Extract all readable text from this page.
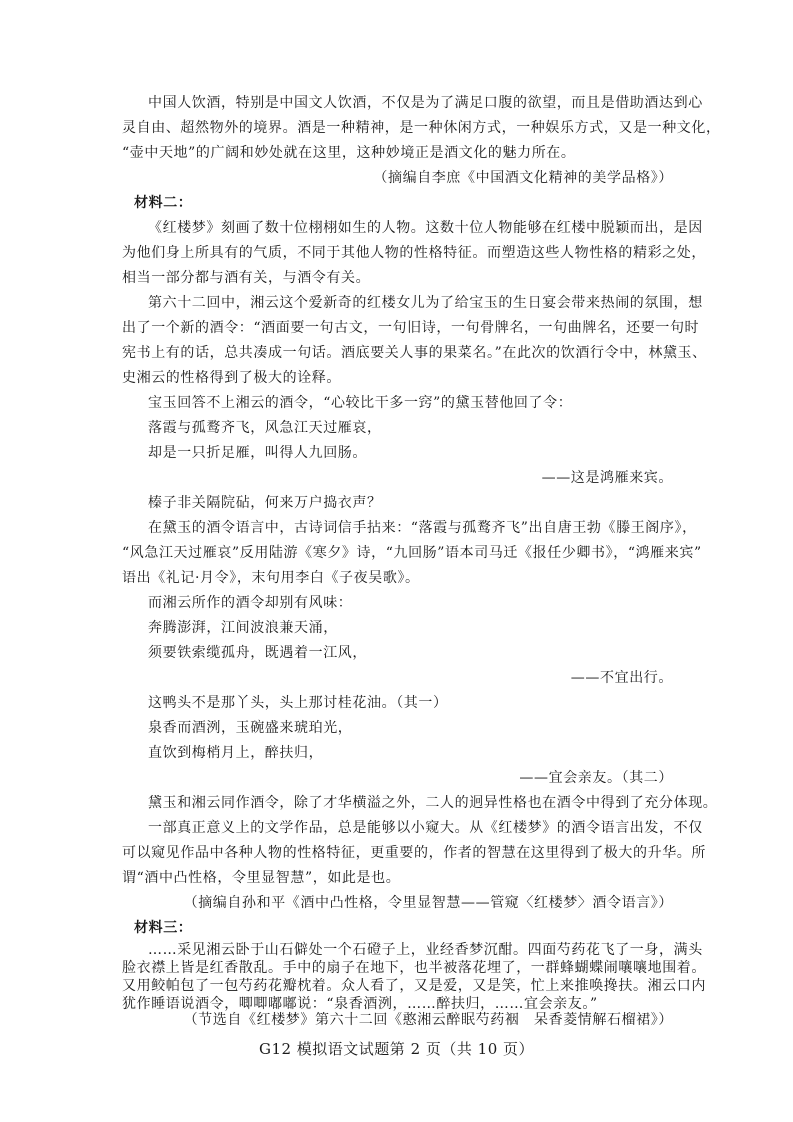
中国人饮酒，特别是中国文人饮酒，不仅是为了满足口腹的欲望，而且是借助酒达到心
灵自由、超然物外的境界。酒是一种精神，是一种休闲方式，一种娱乐方式，又是一种文化，
“壶中天地”的广阔和妙处就在这里，这种妙境正是酒文化的魅力所在。
（摘编自李庶《中国酒文化精神的美学品格》）
材料二：
《红楼梦》刻画了数十位栩栩如生的人物。这数十位人物能够在红楼中脱颖而出，是因
为他们身上所具有的气质，不同于其他人物的性格特征。而塑造这些人物性格的精彩之处，
相当一部分都与酒有关，与酒令有关。
第六十二回中，湘云这个爱新奇的红楼女儿为了给宝玉的生日宴会带来热闹的氛围，想
出了一个新的酒令：“酒面要一句古文，一句旧诗，一句骨牌名，一句曲牌名，还要一句时
宪书上有的话，总共凑成一句话。酒底要关人事的果菜名。”在此次的饮酒行令中，林黛玉、
史湘云的性格得到了极大的诠释。
宝玉回答不上湘云的酒令，“心较比干多一窍”的黛玉替他回了令：
落霞与孤鹜齐飞，风急江天过雁哀，
却是一只折足雁，叫得人九回肠。
——这是鸿雁来宾。
榛子非关隔院砧，何来万户捣衣声？
在黛玉的酒令语言中，古诗词信手拈来：“落霞与孤鹜齐飞”出自唐王勃《滕王阁序》，
“风急江天过雁哀”反用陆游《寒夕》诗，“九回肠”语本司马迁《报任少卿书》，“鸿雁来宾”
语出《礼记·月令》，末句用李白《子夜吴歌》。
而湘云所作的酒令却别有风味：
奔腾澎湃，江间波浪兼天涌，
须要铁索缆孤舟，既遇着一江风，
——不宜出行。
这鸭头不是那丫头，头上那讨桂花油。（其一）
泉香而酒洌，玉碗盛来琥珀光，
直饮到梅梢月上，醉扶归，
——宜会亲友。（其二）
黛玉和湘云同作酒令，除了才华横溢之外，二人的迥异性格也在酒令中得到了充分体现。
一部真正意义上的文学作品，总是能够以小窥大。从《红楼梦》的酒令语言出发，不仅
可以窥见作品中各种人物的性格特征，更重要的，作者的智慧在这里得到了极大的升华。所
谓“酒中凸性格，令里显智慧”，如此是也。
（摘编自孙和平《酒中凸性格，令里显智慧——管窥〈红楼梦〉酒令语言》）
材料三：
……采见湘云卧于山石僻处一个石磴子上，业经香梦沉酣。四面芍药花飞了一身，满头
脸衣襟上皆是红香散乱。手中的扇子在地下，也半被落花埋了，一群蜂蝴蝶闹嚷嚷地围着。
又用鲛帕包了一包芍药花瓣枕着。众人看了，又是爱，又是笑，忙上来推唤搀扶。湘云口内
G12 模拟语文试题第 2 页（共 10 页）
犹作睡语说酒令，唧唧嘟嘟说：“泉香酒洌，……醉扶归，……宜会亲友。”
（节选自《红楼梦》第六十二回《憨湘云醉眠芍药裀　呆香菱情解石榴裙》）
